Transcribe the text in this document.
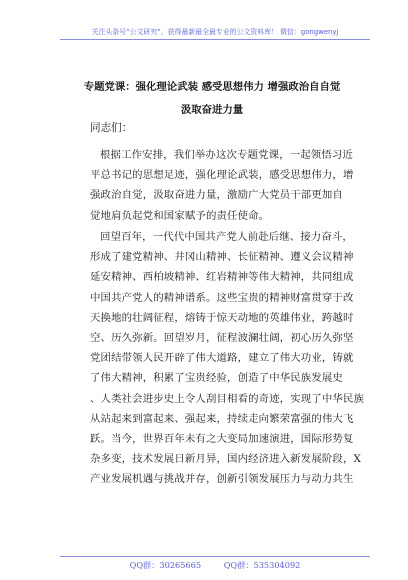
关注头条号“公文研究”，获得最新最全最专业的公文资料库！ 微信：gongwenyj
专题党课：强化理论武装 感受思想伟力 增强政治自自觉
汲取奋进力量
同志们：
根据工作安排，我们举办这次专题党课，一起领悟习近
平总书记的思想足迹，强化理论武装，感受思想伟力，增
强政治自觉，汲取奋进力量，激励广大党员干部更加自
觉地肩负起党和国家赋予的责任使命。
回望百年，一代代中国共产党人前赴后继、接力奋斗，
形成了建党精神、井冈山精神、长征精神、遵义会议精神
延安精神、西柏坡精神、红岩精神等伟大精神，共同组成
中国共产党人的精神谱系。这些宝贵的精神财富贯穿于改
天换地的壮阔征程，熔铸于惊天动地的英雄伟业，跨越时
空、历久弥新。回望岁月，征程波澜壮阔，初心历久弥坚
党团结带领人民开辟了伟大道路，建立了伟大功业，铸就
了伟大精神，积累了宝贵经验，创造了中华民族发展史
、人类社会进步史上令人刮目相看的奇迹，实现了中华民族
从站起来到富起来、强起来，持续走向繁荣富强的伟大飞
跃。当今，世界百年未有之大变局加速演进，国际形势复
杂多变，技术发展日新月异，国内经济进入新发展阶段，X
产业发展机遇与挑战并存，创新引领发展压力与动力共生
QQ群：30265665	QQ群：535304092
